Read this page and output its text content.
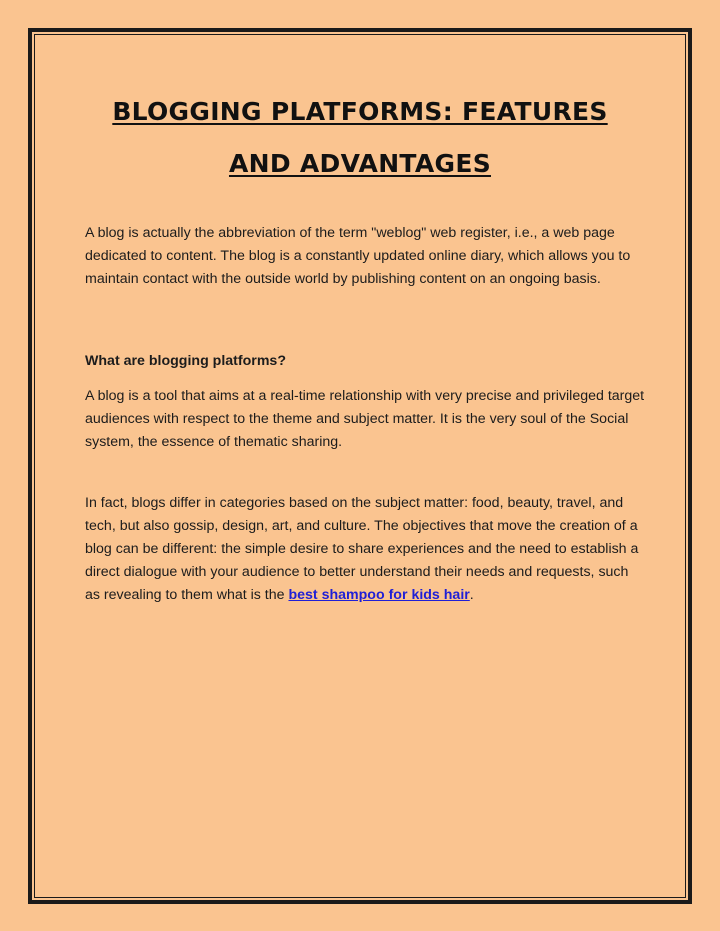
BLOGGING PLATFORMS: FEATURES
AND ADVANTAGES

A blog is actually the abbreviation of the term "weblog" web register, i.e., a web page dedicated to content. The blog is a constantly updated online diary, which allows you to maintain contact with the outside world by publishing content on an ongoing basis.

What are blogging platforms?

A blog is a tool that aims at a real-time relationship with very precise and privileged target audiences with respect to the theme and subject matter. It is the very soul of the Social system, the essence of thematic sharing.

In fact, blogs differ in categories based on the subject matter: food, beauty, travel, and tech, but also gossip, design, art, and culture. The objectives that move the creation of a blog can be different: the simple desire to share experiences and the need to establish a direct dialogue with your audience to better understand their needs and requests, such as revealing to them what is the best shampoo for kids hair.
